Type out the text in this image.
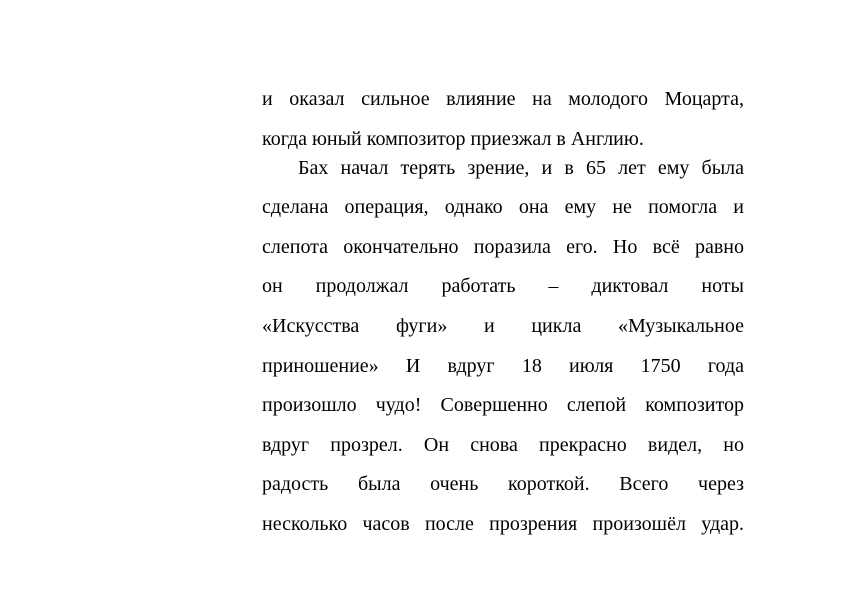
и оказал сильное влияние на молодого Моцарта,
когда юный композитор приезжал в Англию.
Бах начал терять зрение, и в 65 лет ему была
сделана операция, однако она ему не помогла и
слепота окончательно поразила его. Но всё равно
он продолжал работать – диктовал ноты
«Искусства фуги» и цикла «Музыкальное
приношение» И вдруг 18 июля 1750 года
произошло чудо! Совершенно слепой композитор
вдруг прозрел. Он снова прекрасно видел, но
радость была очень короткой. Всего через
несколько часов после прозрения произошёл удар.
